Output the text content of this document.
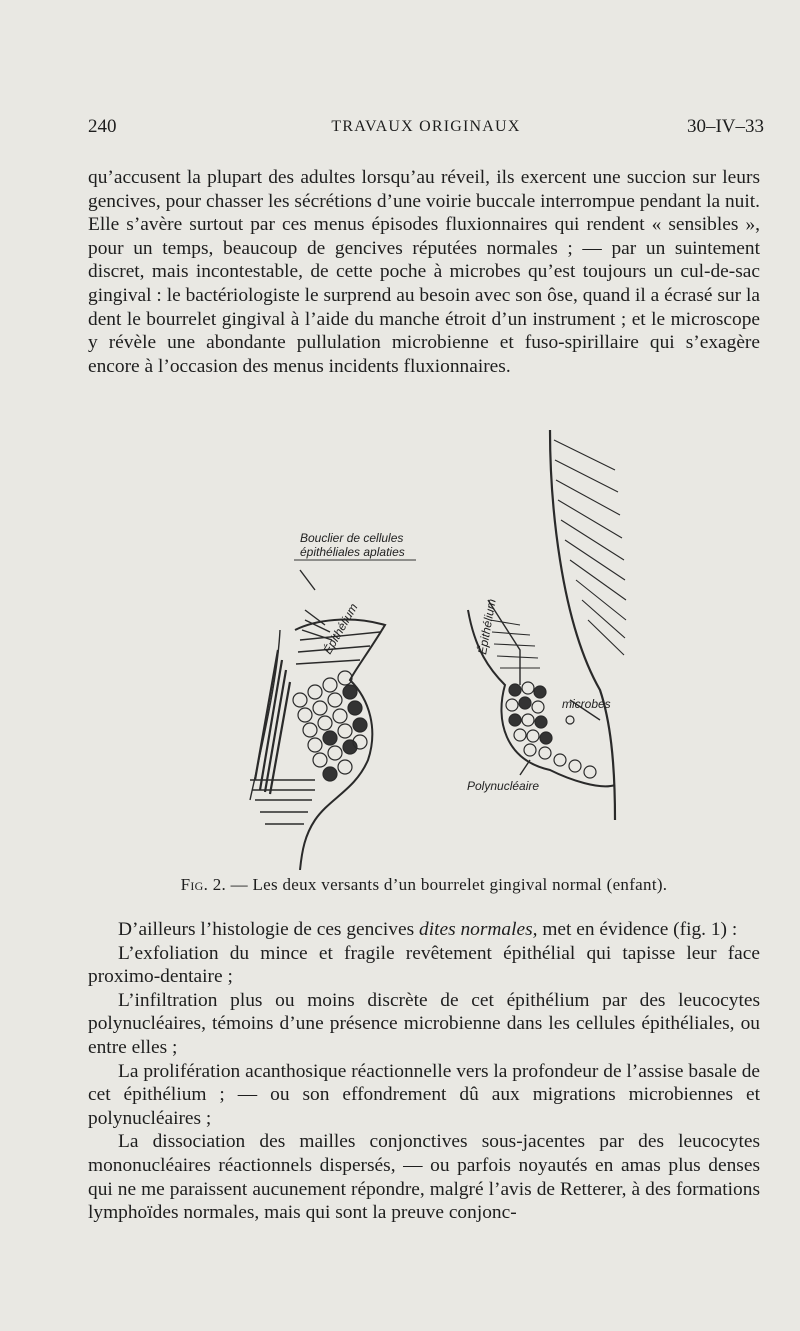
240	TRAVAUX ORIGINAUX	30–IV–33

qu’accusent la plupart des adultes lorsqu’au réveil, ils exercent une succion sur leurs gencives, pour chasser les sécrétions d’une voirie buccale interrompue pendant la nuit. Elle s’avère surtout par ces menus épisodes fluxionnaires qui rendent « sensibles », pour un temps, beaucoup de gencives réputées normales ; — par un suintement discret, mais incontestable, de cette poche à microbes qu’est toujours un cul-de-sac gingival : le bactériologiste le surprend au besoin avec son ôse, quand il a écrasé sur la dent le bourrelet gingival à l’aide du manche étroit d’un instrument ; et le microscope y révèle une abondante pullulation microbienne et fuso-spirillaire qui s’exagère encore à l’occasion des menus incidents fluxionnaires.

Bouclier de cellules
épithéliales aplaties
Épithélium	Épithélium
microbes
Polynucléaire
Fig. 2. — Les deux versants d’un bourrelet gingival normal (enfant).

D’ailleurs l’histologie de ces gencives dites normales, met en évidence (fig. 1) :

L’exfoliation du mince et fragile revêtement épithélial qui tapisse leur face proximo-dentaire ;

L’infiltration plus ou moins discrète de cet épithélium par des leucocytes polynucléaires, témoins d’une présence microbienne dans les cellules épithéliales, ou entre elles ;

La prolifération acanthosique réactionnelle vers la profondeur de l’assise basale de cet épithélium ; — ou son effondrement dû aux migrations microbiennes et polynucléaires ;

La dissociation des mailles conjonctives sous-jacentes par des leucocytes mononucléaires réactionnels dispersés, — ou parfois noyautés en amas plus denses qui ne me paraissent aucunement répondre, malgré l’avis de Retterer, à des formations lymphoïdes normales, mais qui sont la preuve conjonc-
